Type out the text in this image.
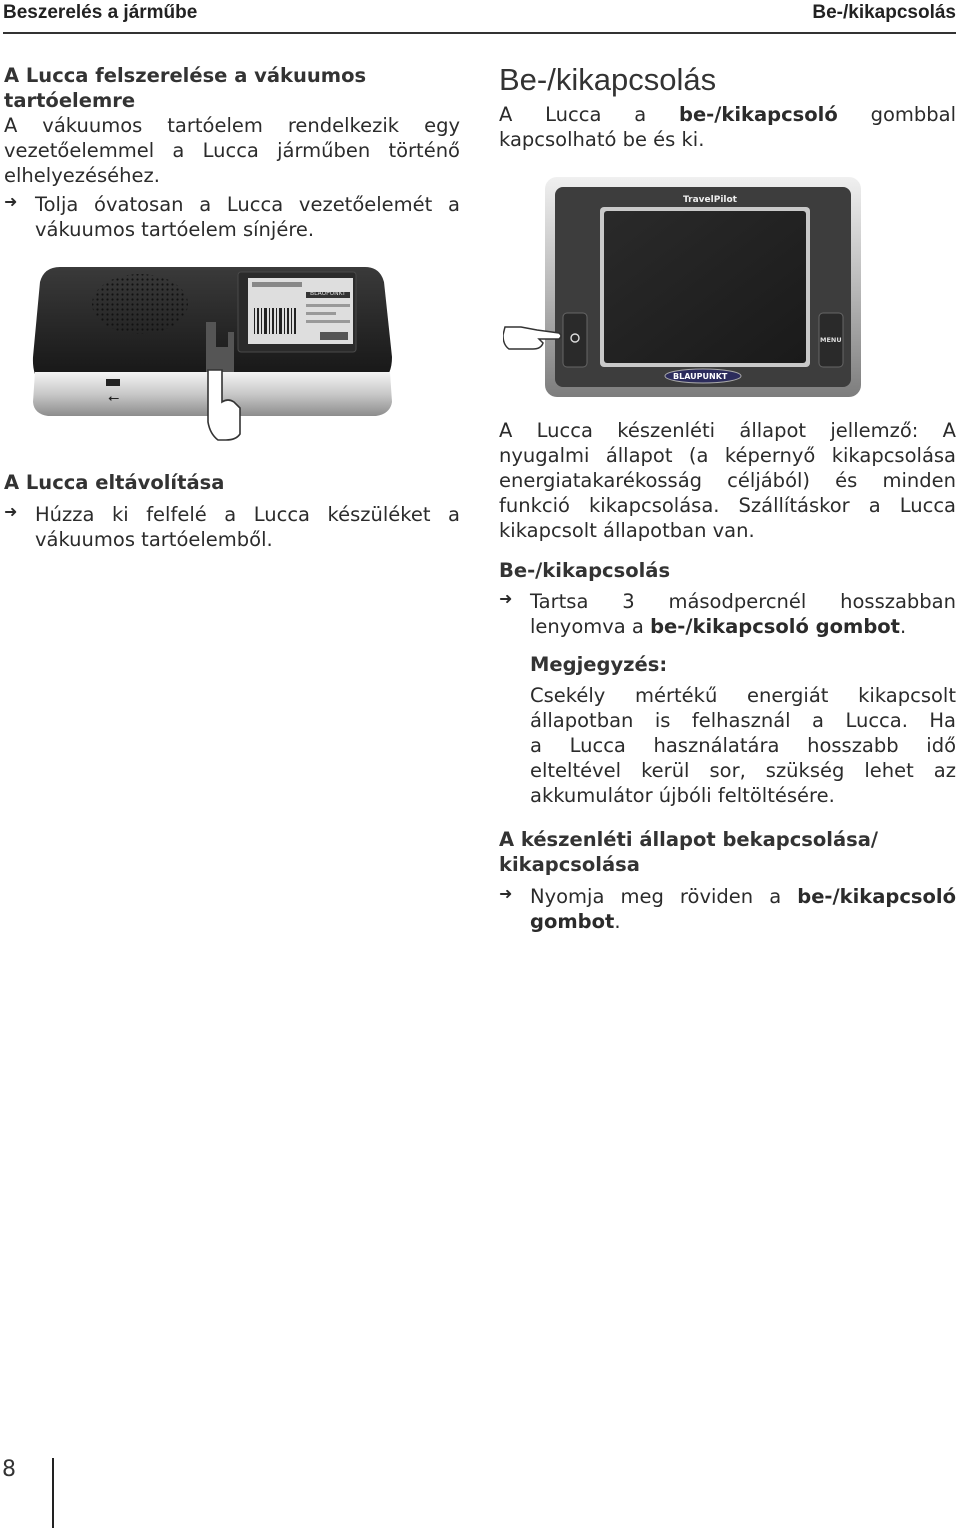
Beszerelés a járműbe	Be-/kikapcsolás
A Lucca felszerelése a vákuumos tartóelemre

A vákuumos tartóelem rendelkezik egy

vezetőelemmel a Lucca járműben történő

elhelyezéséhez.

➜ Tolja óvatosan a Lucca vezetőelemét a

vákuumos tartóelem sínjére.

BLAUPUNKT
⭠
A Lucca eltávolítása
➜ Húzza ki felfelé a Lucca készüléket a

vákuumos tartóelemből.

Be-/kikapcsolás

A Lucca a be-/kikapcsoló gombbal

kapcsolható be és ki.

TravelPilot
MENU
BLAUPUNKT

A Lucca készenléti állapot jellemző: A

nyugalmi állapot (a képernyő kikapcsolása

energiatakarékosság céljából) és minden

funkció kikapcsolása. Szállításkor a Lucca

kikapcsolt állapotban van.

Be-/kikapcsolás
➜ Tartsa 3 másodpercnél hosszabban

lenyomva a be-/kikapcsoló gombot.

Megjegyzés:

Csekély mértékű energiát kikapcsolt

állapotban is felhasznál a Lucca. Ha

a Lucca használatára hosszabb idő

elteltével kerül sor, szükség lehet az

akkumulátor újbóli feltöltésére.

A készenléti állapot bekapcsolása/
kikapcsolása
➜ Nyomja meg röviden a be-/kikapcsoló

gombot.

8
